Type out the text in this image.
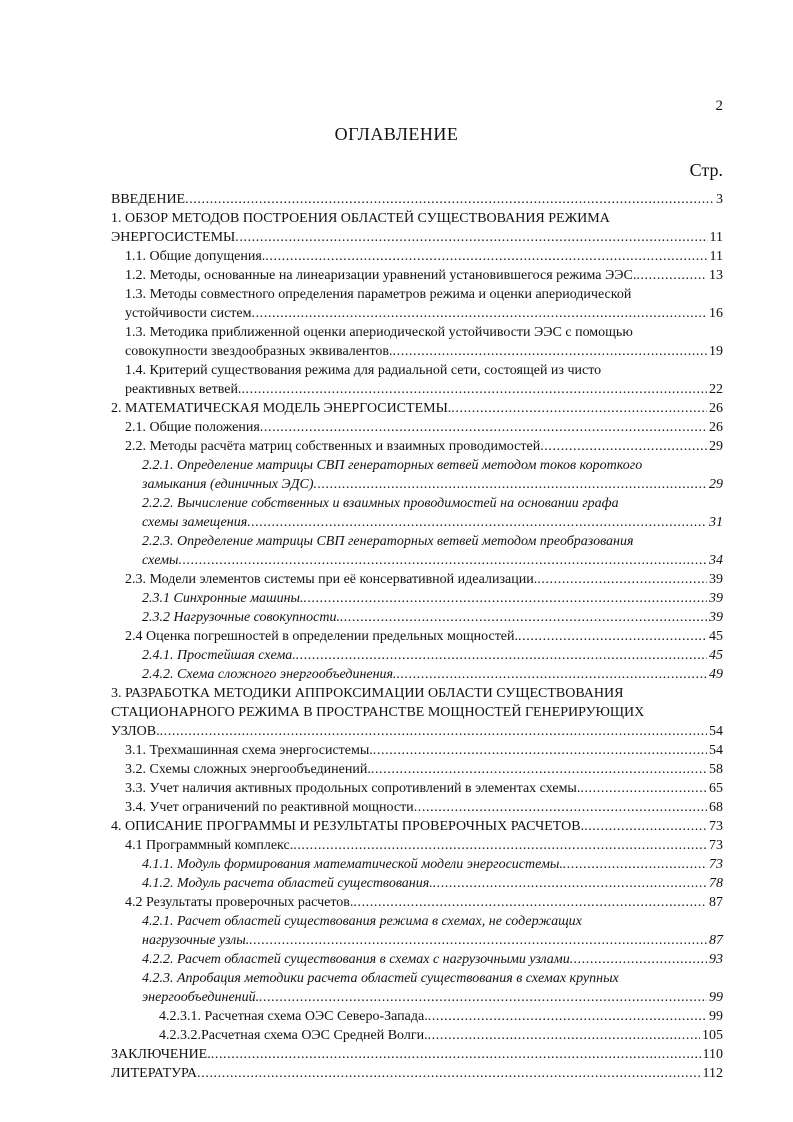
2
ОГЛАВЛЕНИЕ
Стр.
ВВЕДЕНИЕ .....	3
1. ОБЗОР МЕТОДОВ ПОСТРОЕНИЯ ОБЛАСТЕЙ СУЩЕСТВОВАНИЯ РЕЖИМА
ЭНЕРГОСИСТЕМЫ .....	11
1.1. Общие допущения. .....	11
1.2. Методы, основанные на линеаризации уравнений установившегося режима ЭЭС. .....	13
1.3. Методы совместного определения параметров режима и оценки апериодической
устойчивости систем .....	16
1.3. Методика приближенной оценки апериодической устойчивости ЭЭС с помощью
совокупности звездообразных эквивалентов. .....	19
1.4. Критерий существования режима для радиальной сети, состоящей из чисто
реактивных ветвей. .....	22
2. МАТЕМАТИЧЕСКАЯ МОДЕЛЬ ЭНЕРГОСИСТЕМЫ. .....	26
2.1. Общие положения .....	26
2.2. Методы расчёта матриц собственных и взаимных проводимостей .....	29
2.2.1. Определение матрицы СВП генераторных ветвей методом токов короткого
замыкания (единичных ЭДС) .....	29
2.2.2. Вычисление собственных и взаимных проводимостей на основании графа
схемы замещения .....	31
2.2.3. Определение матрицы СВП генераторных ветвей методом преобразования
схемы .....	34
2.3. Модели элементов системы при её консервативной идеализации. .....	39
2.3.1 Синхронные машины. .....	39
2.3.2 Нагрузочные совокупности. .....	39
2.4 Оценка погрешностей в определении предельных мощностей. .....	45
2.4.1. Простейшая схема. .....	45
2.4.2. Схема сложного энергообъединения. .....	49
3. РАЗРАБОТКА МЕТОДИКИ АППРОКСИМАЦИИ ОБЛАСТИ СУЩЕСТВОВАНИЯ
СТАЦИОНАРНОГО РЕЖИМА В ПРОСТРАНСТВЕ МОЩНОСТЕЙ ГЕНЕРИРУЮЩИХ
УЗЛОВ. .....	54
3.1. Трехмашинная схема энергосистемы. .....	54
3.2. Схемы сложных энергообъединений. .....	58
3.3. Учет наличия активных продольных сопротивлений в элементах схемы. .....	65
3.4. Учет ограничений по реактивной мощности .....	68
4. ОПИСАНИЕ ПРОГРАММЫ И РЕЗУЛЬТАТЫ ПРОВЕРОЧНЫХ РАСЧЕТОВ. .....	73
4.1 Программный комплекс. .....	73
4.1.1. Модуль формирования математической модели энергосистемы. .....	73
4.1.2. Модуль расчета областей существования. .....	78
4.2 Результаты проверочных расчетов. .....	87
4.2.1. Расчет областей существования режима в схемах, не содержащих
нагрузочные узлы. .....	87
4.2.2. Расчет областей существования в схемах с нагрузочными узлами .....	93
4.2.3. Апробация методики расчета областей существования в схемах крупных
энергообъединений. .....	99
4.2.3.1. Расчетная схема ОЭС Северо-Запада. .....	99
4.2.3.2.Расчетная схема ОЭС Средней Волги. .....	105
ЗАКЛЮЧЕНИЕ. .....	110
ЛИТЕРАТУРА .....	112
